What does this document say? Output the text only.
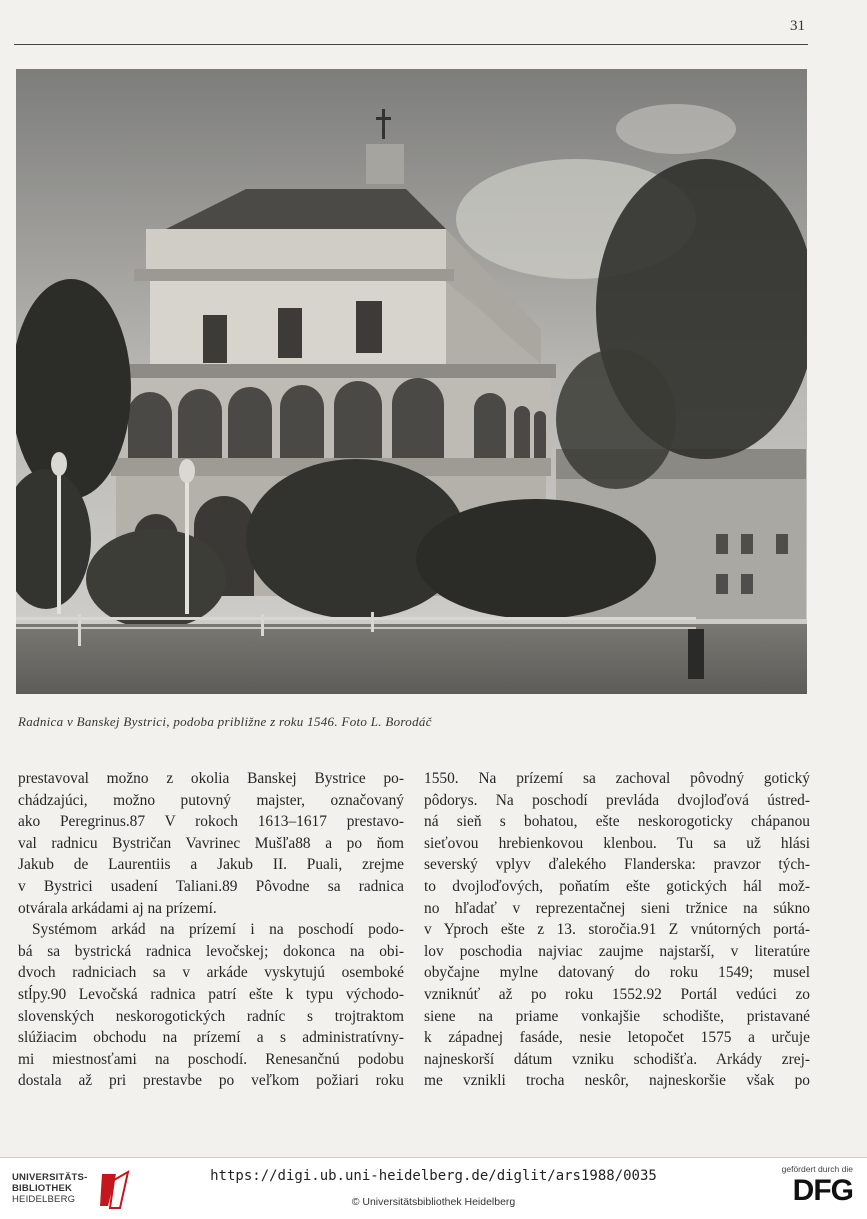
31
Radnica v Banskej Bystrici, podoba približne z roku 1546. Foto L. Borodáč
prestavoval možno z okolia Banskej Bystrice po-
chádzajúci, možno putovný majster, označovaný
ako Peregrinus.87 V rokoch 1613–1617 prestavo-
val radnicu Bystričan Vavrinec Mušľa88 a po ňom
Jakub de Laurentiis a Jakub II. Puali, zrejme
v Bystrici usadení Taliani.89 Pôvodne sa radnica
otvárala arkádami aj na prízemí.
Systémom arkád na prízemí i na poschodí podo-
bá sa bystrická radnica levočskej; dokonca na obi-
dvoch radniciach sa v arkáde vyskytujú osemboké
stĺpy.90 Levočská radnica patrí ešte k typu východo-
slovenských neskorogotických radníc s trojtraktom
slúžiacim obchodu na prízemí a s administratívny-
mi miestnosťami na poschodí. Renesančnú podobu
dostala až pri prestavbe po veľkom požiari roku
1550. Na prízemí sa zachoval pôvodný gotický
pôdorys. Na poschodí prevláda dvojloďová ústred-
ná sieň s bohatou, ešte neskorogoticky chápanou
sieťovou hrebienkovou klenbou. Tu sa už hlási
severský vplyv ďalekého Flanderska: pravzor tých-
to dvojloďových, poňatím ešte gotických hál mož-
no hľadať v reprezentačnej sieni tržnice na súkno
v Yproch ešte z 13. storočia.91 Z vnútorných portá-
lov poschodia najviac zaujme najstarší, v literatúre
obyčajne mylne datovaný do roku 1549; musel
vzniknúť až po roku 1552.92 Portál vedúci zo
siene na priame vonkajšie schodište, pristavané
k západnej fasáde, nesie letopočet 1575 a určuje
najneskorší dátum vzniku schodišťa. Arkády zrej-
me vznikli trocha neskôr, najneskoršie však po
UNIVERSITÄTS-
BIBLIOTHEK
HEIDELBERG
https://digi.ub.uni-heidelberg.de/diglit/ars1988/0035
© Universitätsbibliothek Heidelberg
gefördert durch die
DFG
